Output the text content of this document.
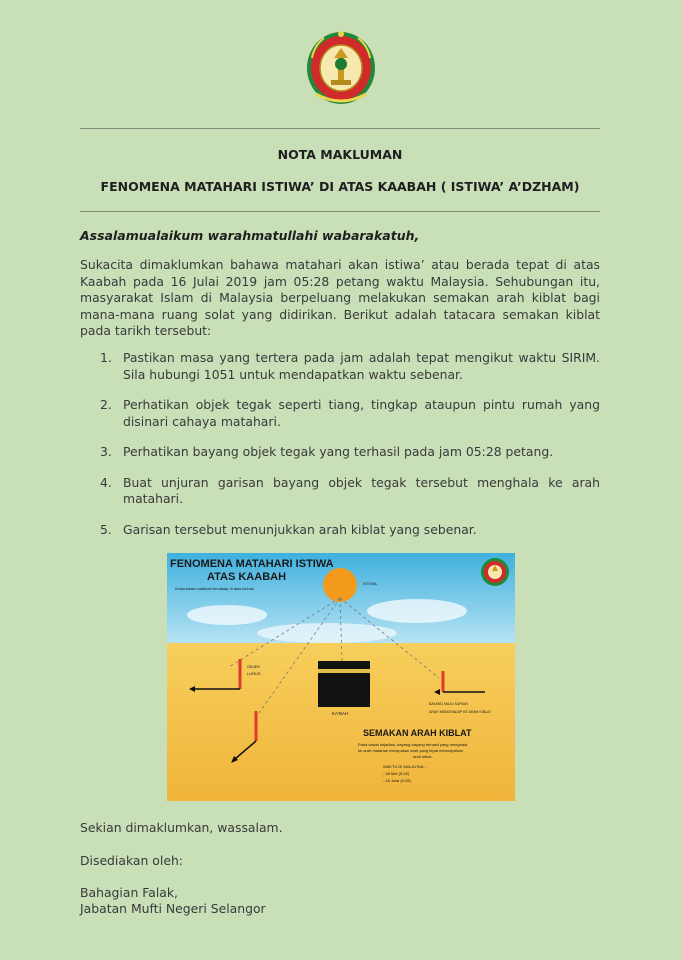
NOTA MAKLUMAN
FENOMENA MATAHARI ISTIWA’ DI ATAS KAABAH ( ISTIWA’ A’DZHAM)
Assalamualaikum warahmatullahi wabarakatuh,
Sukacita dimaklumkan bahawa matahari akan istiwa’ atau berada tepat di atas Kaabah pada 16 Julai 2019 jam 05:28 petang waktu Malaysia. Sehubungan itu, masyarakat Islam di Malaysia berpeluang melakukan semakan arah kiblat bagi mana-mana ruang solat yang didirikan. Berikut adalah tatacara semakan kiblat pada tarikh tersebut:
1. Pastikan masa yang tertera pada jam adalah tepat mengikut waktu SIRIM. Sila hubungi 1051 untuk mendapatkan waktu sebenar.
2. Perhatikan objek tegak seperti tiang, tingkap ataupun pintu rumah yang disinari cahaya matahari.
3. Perhatikan bayang objek tegak yang terhasil pada jam 05:28 petang.
4. Buat unjuran garisan bayang objek tegak tersebut menghala ke arah matahari.
5. Garisan tersebut menunjukkan arah kiblat yang sebenar.
FENOMENA MATAHARI ISTIWA
ATAS KAABAH
Kedudukan matahari tercakap di atas ka'bah
ISTIWA
OBJEK
LURUS
KA'BAH
BAYANG MAJU SURIAN
ARAH MENGHADAP KE ARAH KIBLAT
SEMAKAN ARAH KIBLAT
Pada waktu kejadian, bayang-bayang terhasil yang menghala
ke arah matahari merupakan arah yang tepat menunjukkan
arah kiblat.
WAKTU DI MALAYSIA:-
- 28 Mei (5:16)
- 16 Julai (5:28)
Sekian dimaklumkan, wassalam.
Disediakan oleh:
Bahagian Falak,
Jabatan Mufti Negeri Selangor
